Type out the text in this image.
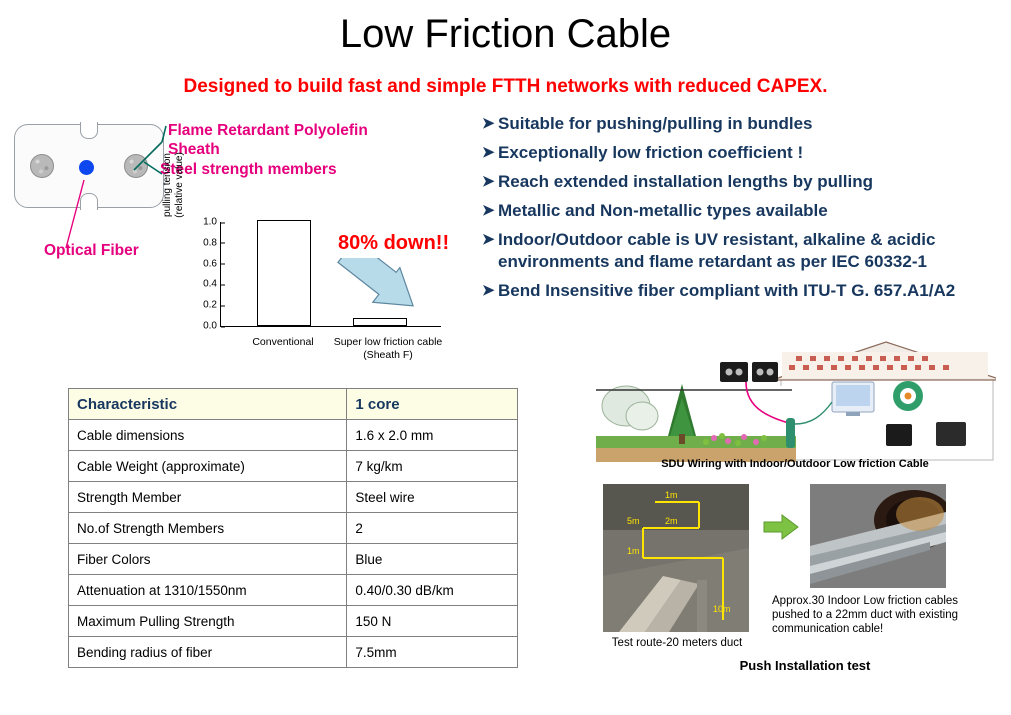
Low Friction Cable
Designed to build fast and simple FTTH networks with reduced CAPEX.
Flame Retardant Polyolefin
Sheath
Steel strength members
Optical Fiber
pulling tension
(relative value)
0.0
0.2
0.4
0.6
0.8
1.0
Conventional	Super low friction cable
(Sheath F)
80% down!!
➤ Suitable for pushing/pulling in bundles
➤ Exceptionally low friction coefficient !
➤ Reach extended installation lengths by pulling
➤ Metallic and Non-metallic types available
➤ Indoor/Outdoor cable is UV resistant, alkaline & acidic environments and flame retardant as per IEC 60332-1
➤ Bend Insensitive fiber compliant with ITU-T G. 657.A1/A2
Characteristic	1 core
Cable dimensions	1.6 x 2.0 mm
Cable Weight (approximate)	7 kg/km
Strength Member	Steel wire
No.of Strength Members	2
Fiber Colors	Blue
Attenuation at 1310/1550nm	0.40/0.30 dB/km
Maximum Pulling Strength	150 N
Bending radius of fiber	7.5mm
SDU Wiring with Indoor/Outdoor Low friction Cable
1m
5m	2m
1m
10m
Test route-20 meters duct
Approx.30 Indoor Low friction cables pushed to a 22mm duct with existing communication cable!
Push Installation test
